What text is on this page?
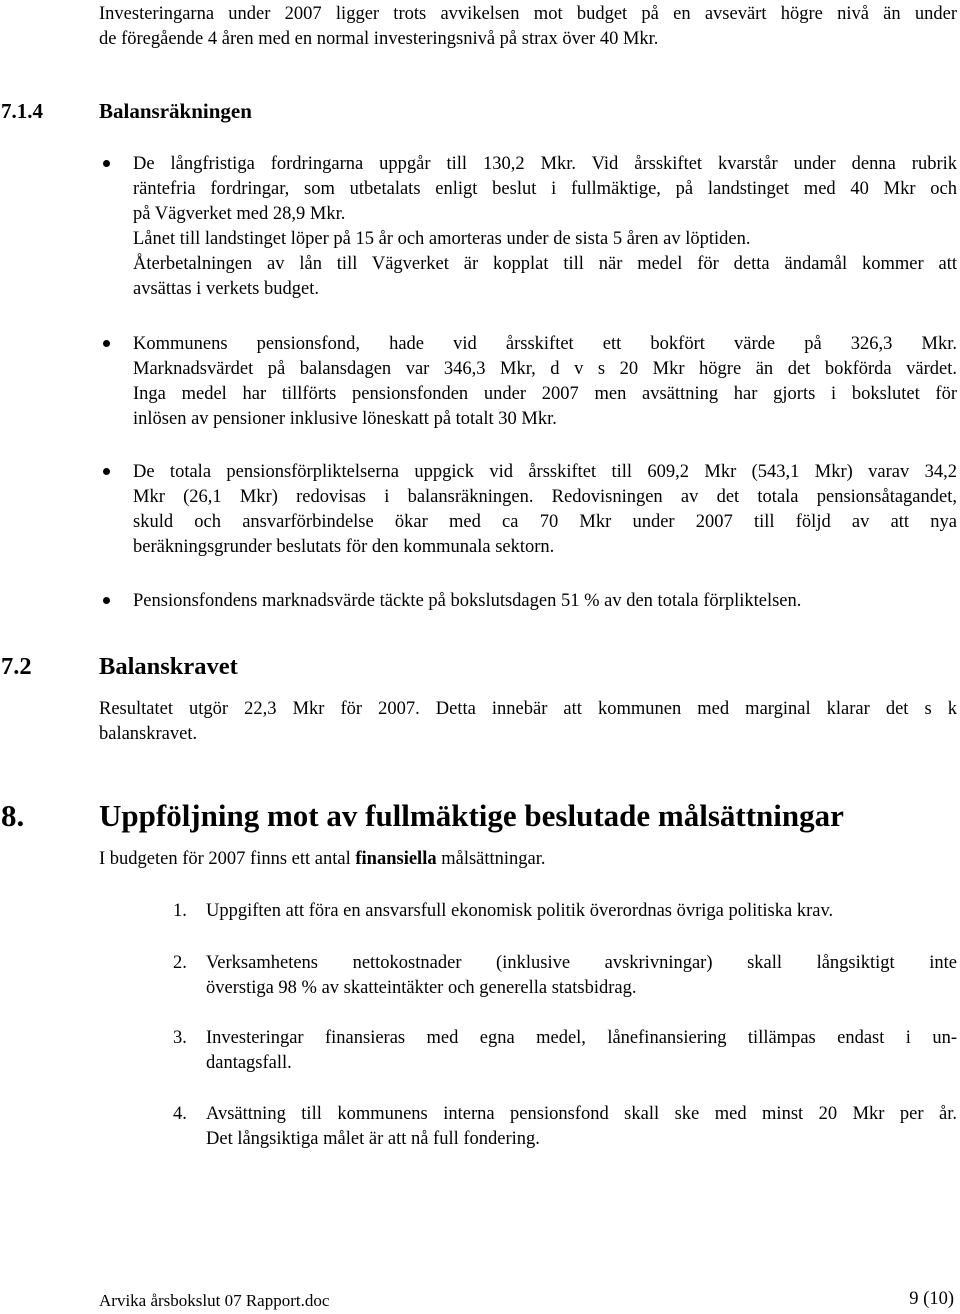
Investeringarna under 2007 ligger trots avvikelsen mot budget på en avsevärt högre nivå än under
de föregående 4 åren med en normal investeringsnivå på strax över 40 Mkr.
7.1.4	Balansräkningen
De långfristiga fordringarna uppgår till 130,2 Mkr. Vid årsskiftet kvarstår under denna rubrik
räntefria fordringar, som utbetalats enligt beslut i fullmäktige, på landstinget med 40 Mkr och
på Vägverket med 28,9 Mkr.
Lånet till landstinget löper på 15 år och amorteras under de sista 5 åren av löptiden.
Återbetalningen av lån till Vägverket är kopplat till när medel för detta ändamål kommer att
avsättas i verkets budget.
Kommunens pensionsfond, hade vid årsskiftet ett bokfört värde på 326,3 Mkr.
Marknadsvärdet på balansdagen var 346,3 Mkr, d v s 20 Mkr högre än det bokförda värdet.
Inga medel har tillförts pensionsfonden under 2007 men avsättning har gjorts i bokslutet för
inlösen av pensioner inklusive löneskatt på totalt 30 Mkr.
De totala pensionsförpliktelserna uppgick vid årsskiftet till 609,2 Mkr (543,1 Mkr) varav 34,2
Mkr (26,1 Mkr) redovisas i balansräkningen. Redovisningen av det totala pensionsåtagandet,
skuld och ansvarförbindelse ökar med ca 70 Mkr under 2007 till följd av att nya
beräkningsgrunder beslutats för den kommunala sektorn.
Pensionsfondens marknadsvärde täckte på bokslutsdagen 51 % av den totala förpliktelsen.
7.2	Balanskravet
Resultatet utgör 22,3 Mkr för 2007. Detta innebär att kommunen med marginal klarar det s k
balanskravet.
8. Uppföljning mot av fullmäktige beslutade målsättningar
I budgeten för 2007 finns ett antal finansiella målsättningar.
1. Uppgiften att föra en ansvarsfull ekonomisk politik överordnas övriga politiska krav.
2. Verksamhetens nettokostnader (inklusive avskrivningar) skall långsiktigt inte
överstiga 98 % av skatteintäkter och generella statsbidrag.
3. Investeringar finansieras med egna medel, lånefinansiering tillämpas endast i un-
dantagsfall.
4. Avsättning till kommunens interna pensionsfond skall ske med minst 20 Mkr per år.
Det långsiktiga målet är att nå full fondering.
Arvika årsbokslut 07 Rapport.doc	9 (10)
